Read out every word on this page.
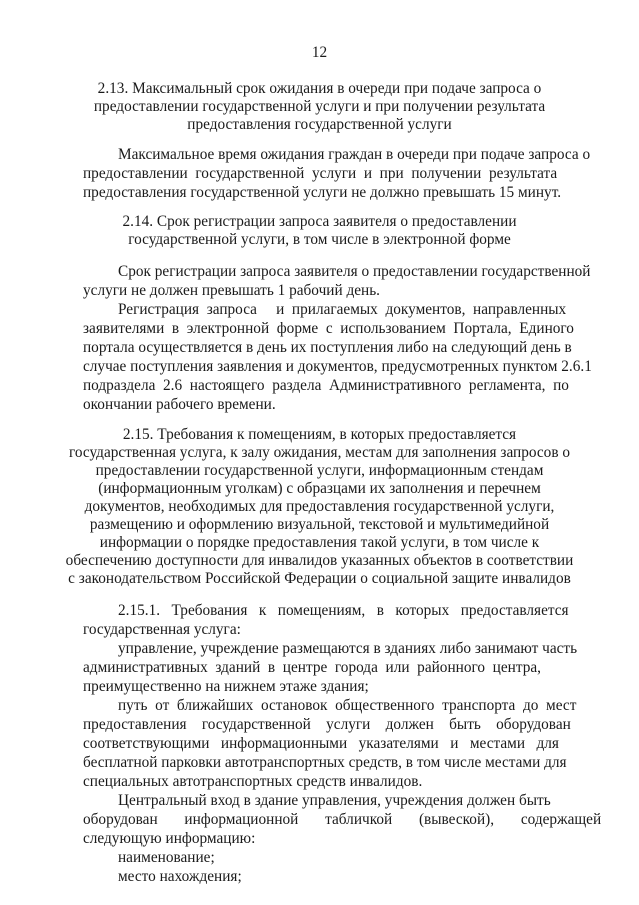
12
2.13. Максимальный срок ожидания в очереди при подаче запроса о
предоставлении государственной услуги и при получении результата
предоставления государственной услуги
Максимальное время ожидания граждан в очереди при подаче запроса о
предоставлении  государственной  услуги  и  при  получении  результата
предоставления государственной услуги не должно превышать 15 минут.
2.14. Срок регистрации запроса заявителя о предоставлении
государственной услуги, в том числе в электронной форме
Срок регистрации запроса заявителя о предоставлении государственной
услуги не должен превышать 1 рабочий день.
Регистрация  запроса     и  прилагаемых  документов,  направленных
заявителями  в  электронной  форме  с  использованием  Портала,  Единого
портала осуществляется в день их поступления либо на следующий день в
случае поступления заявления и документов, предусмотренных пунктом 2.6.1
подраздела  2.6  настоящего  раздела  Административного  регламента,  по
окончании рабочего времени.
2.15. Требования к помещениям, в которых предоставляется
государственная услуга, к залу ожидания, местам для заполнения запросов о
предоставлении государственной услуги, информационным стендам
(информационным уголкам) с образцами их заполнения и перечнем
документов, необходимых для предоставления государственной услуги,
размещению и оформлению визуальной, текстовой и мультимедийной
информации о порядке предоставления такой услуги, в том числе к
обеспечению доступности для инвалидов указанных объектов в соответствии
с законодательством Российской Федерации о социальной защите инвалидов
2.15.1.   Требования   к   помещениям,   в   которых   предоставляется
государственная услуга:
управление, учреждение размещаются в зданиях либо занимают часть
административных  зданий  в  центре  города  или  районного  центра,
преимущественно на нижнем этаже здания;
путь  от  ближайших  остановок  общественного  транспорта  до  мест
предоставления    государственной    услуги    должен    быть    оборудован
соответствующими   информационными   указателями   и   местами   для
бесплатной парковки автотранспортных средств, в том числе местами для
специальных автотранспортных средств инвалидов.
Центральный вход в здание управления, учреждения должен быть
оборудован       информационной       табличкой       (вывеской),       содержащей
следующую информацию:
наименование;
место нахождения;
